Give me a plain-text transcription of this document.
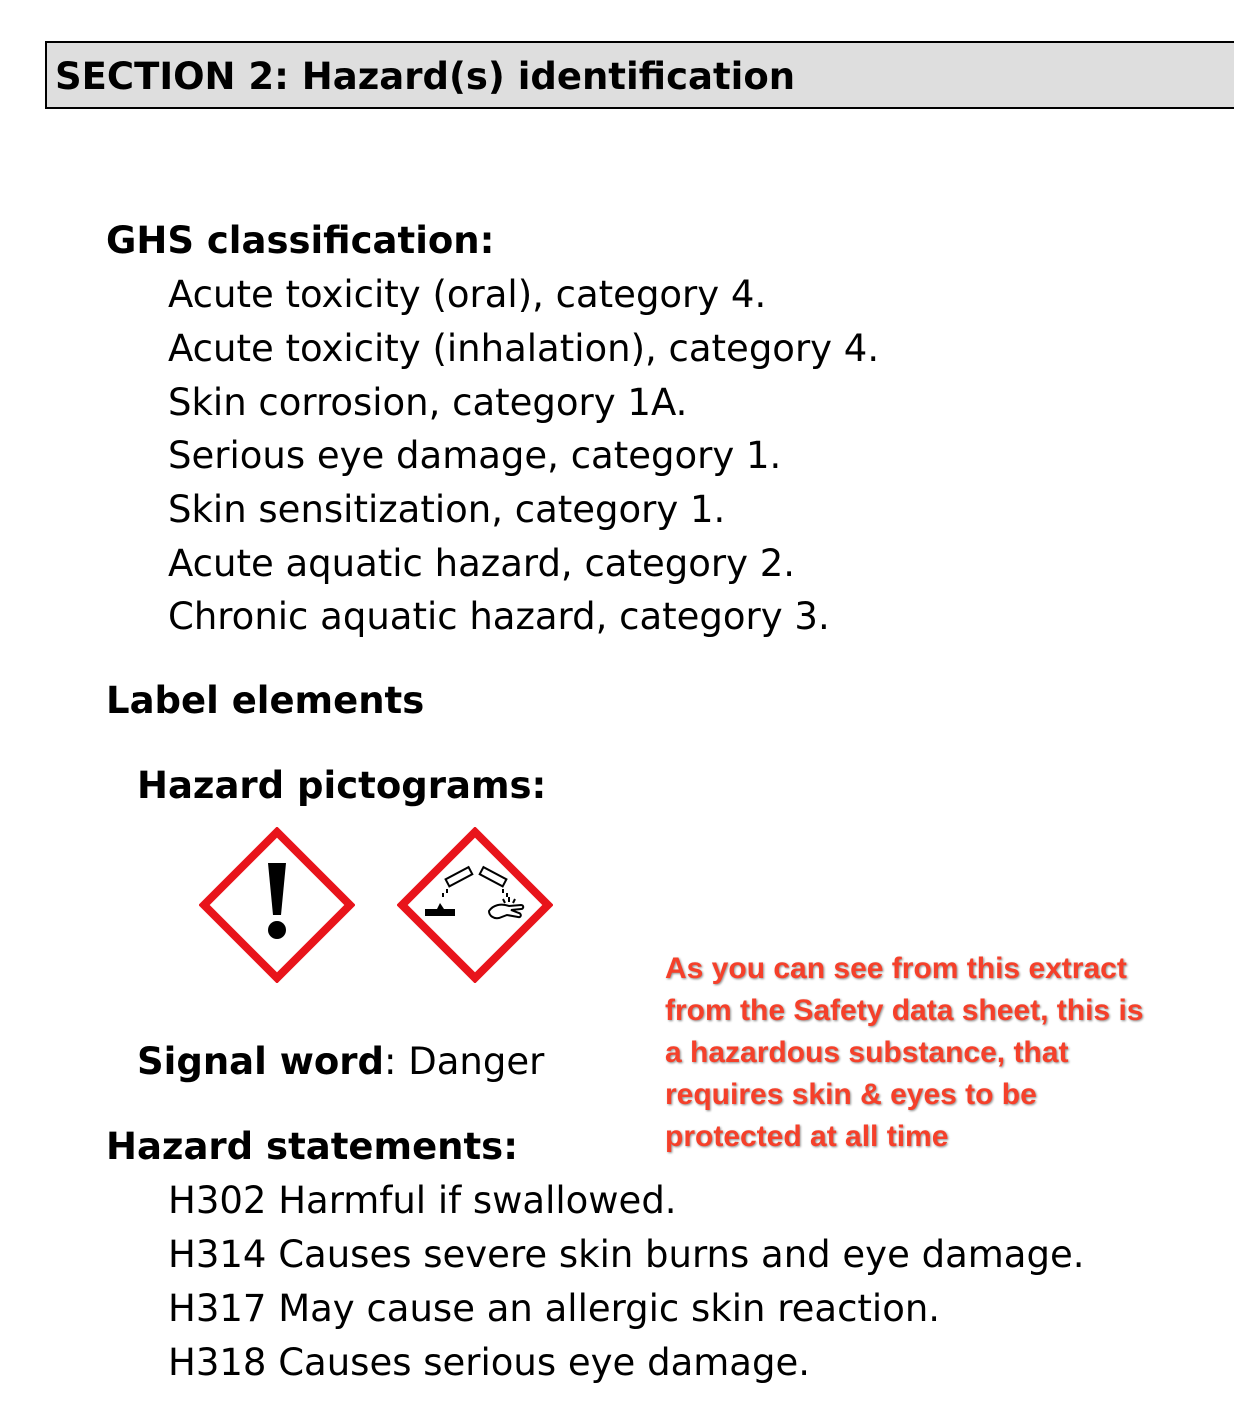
SECTION 2: Hazard(s) identification
GHS classification:
Acute toxicity (oral), category 4.
Acute toxicity (inhalation), category 4.
Skin corrosion, category 1A.
Serious eye damage, category 1.
Skin sensitization, category 1.
Acute aquatic hazard, category 2.
Chronic aquatic hazard, category 3.
Label elements
Hazard pictograms:
Signal word: Danger
Hazard statements:
H302 Harmful if swallowed.
H314 Causes severe skin burns and eye damage.
H317 May cause an allergic skin reaction.
H318 Causes serious eye damage.
As you can see from this extract
from the Safety data sheet, this is
a hazardous substance, that
requires skin & eyes to be
protected at all time
